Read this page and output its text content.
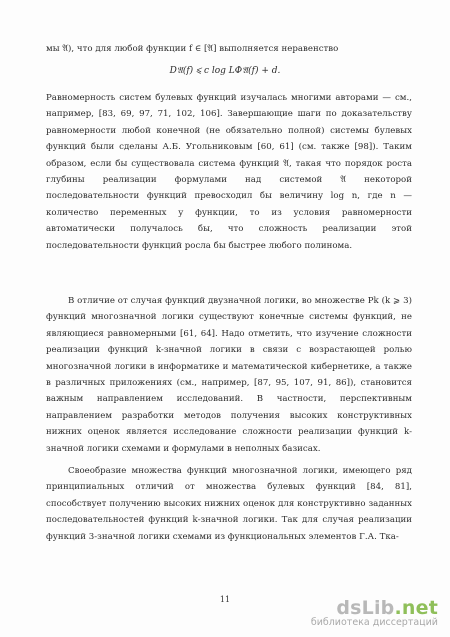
мы 𝔄), что для любой функции f ∈ [𝔄] выполняется неравенство

D𝔄(f) ⩽ c log LΦ𝔄(f) + d.

Равномерность систем булевых функций изучалась многими авторами — см., например, [83, 69, 97, 71, 102, 106]. Завершающие шаги по доказательству равномерности любой конечной (не обязательно полной) системы булевых функций были сделаны А.Б. Угольниковым [60, 61] (см. также [98]). Таким образом, если бы существовала система функций 𝔄, такая что порядок роста глубины реализации формулами над системой 𝔄 некоторой последовательности функций превосходил бы величину log n, где n — количество переменных у функции, то из условия равномерности автоматически получалось бы, что сложность реализации этой последовательности функций росла бы быстрее любого полинома.

В отличие от случая функций двузначной логики, во множестве Pk (k ⩾ 3) функций многозначной логики существуют конечные системы функций, не являющиеся равномерными [61, 64]. Надо отметить, что изучение сложности реализации функций k-значной логики в связи с возрастающей ролью многозначной логики в информатике и математической кибернетике, а также в различных приложениях (см., например, [87, 95, 107, 91, 86]), становится важным направлением исследований. В частности, перспективным направлением разработки методов получения высоких конструктивных нижних оценок является исследование сложности реализации функций k-значной логики схемами и формулами в неполных базисах.

Своеобразие множества функций многозначной логики, имеющего ряд принципиальных отличий от множества булевых функций [84, 81], способствует получению высоких нижних оценок для конструктивно заданных последовательностей функций k-значной логики. Так для случая реализации функций 3-значной логики схемами из функциональных элементов Г.А. Тка-

11	dsLib.net
библиотека диссертаций
